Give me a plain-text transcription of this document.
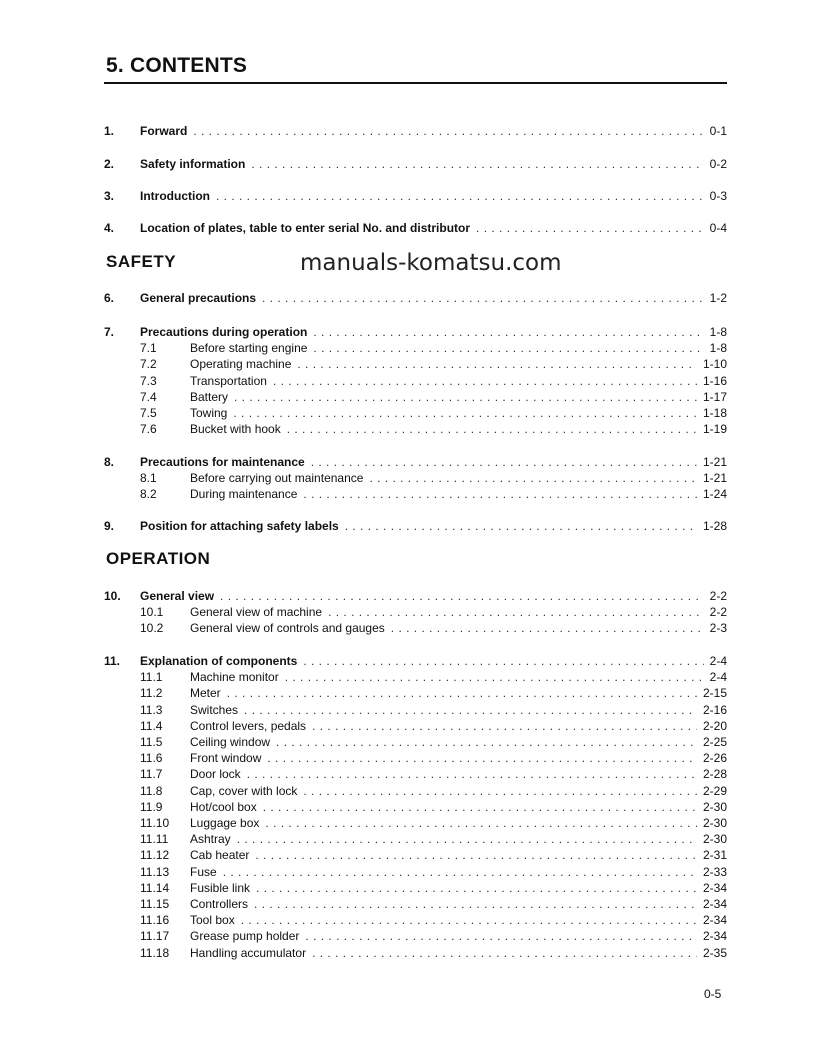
5. CONTENTS
1.	Forward . . .	0-1
2.	Safety information . . .	0-2
3.	Introduction . . .	0-3
4.	Location of plates, table to enter serial No. and distributor . . .	0-4
SAFETY
6.	General precautions . . .	1-2
7.	Precautions during operation . . .	1-8
7.1	Before starting engine . . .	1-8
7.2	Operating machine . . .	1-10
7.3	Transportation . . .	1-16
7.4	Battery . . .	1-17
7.5	Towing . . .	1-18
7.6	Bucket with hook . . .	1-19
8.	Precautions for maintenance . . .	1-21
8.1	Before carrying out maintenance . . .	1-21
8.2	During maintenance . . .	1-24
9.	Position for attaching safety labels . . .	1-28
OPERATION
10.	General view . . .	2-2
10.1	General view of machine . . .	2-2
10.2	General view of controls and gauges . . .	2-3
11.	Explanation of components . . .	2-4
11.1	Machine monitor . . .	2-4
11.2	Meter . . .	2-15
11.3	Switches . . .	2-16
11.4	Control levers, pedals . . .	2-20
11.5	Ceiling window . . .	2-25
11.6	Front window . . .	2-26
11.7	Door lock . . .	2-28
11.8	Cap, cover with lock . . .	2-29
11.9	Hot/cool box . . .	2-30
11.10	Luggage box . . .	2-30
11.11	Ashtray . . .	2-30
11.12	Cab heater . . .	2-31
11.13	Fuse . . .	2-33
11.14	Fusible link . . .	2-34
11.15	Controllers . . .	2-34
11.16	Tool box . . .	2-34
11.17	Grease pump holder . . .	2-34
11.18	Handling accumulator . . .	2-35
manuals-komatsu.com
0-5
